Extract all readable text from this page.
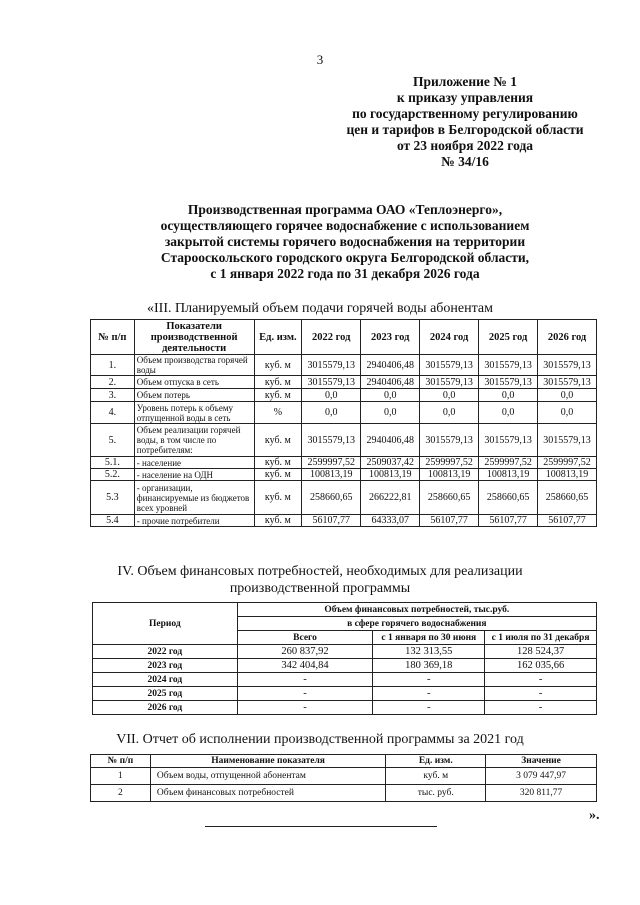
3
Приложение № 1
к приказу управления
по государственному регулированию
цен и тарифов в Белгородской области
от 23 ноября 2022 года
№ 34/16
Производственная программа ОАО «Теплоэнерго»,
осуществляющего горячее водоснабжение с использованием
закрытой системы горячего водоснабжения на территории
Старооскольского городского округа Белгородской области,
с 1 января 2022 года по 31 декабря 2026 года
«III. Планируемый объем подачи горячей воды абонентам
№ п/п	Показатели производственной деятельности	Ед. изм.	2022 год	2023 год	2024 год	2025 год	2026 год
1.	Объем производства горячей воды	куб. м	3015579,13	2940406,48	3015579,13	3015579,13	3015579,13
2.	Объем отпуска в сеть	куб. м	3015579,13	2940406,48	3015579,13	3015579,13	3015579,13
3.	Объем потерь	куб. м	0,0	0,0	0,0	0,0	0,0
4.	Уровень потерь к объему отпущенной воды в сеть	%	0,0	0,0	0,0	0,0	0,0
5.	Объем реализации горячей воды, в том числе по потребителям:	куб. м	3015579,13	2940406,48	3015579,13	3015579,13	3015579,13
5.1.	- население	куб. м	2599997,52	2509037,42	2599997,52	2599997,52	2599997,52
5.2.	- население на ОДН	куб. м	100813,19	100813,19	100813,19	100813,19	100813,19
5.3	- организации, финансируемые из бюджетов всех уровней	куб. м	258660,65	266222,81	258660,65	258660,65	258660,65
5.4	- прочие потребители	куб. м	56107,77	64333,07	56107,77	56107,77	56107,77
IV. Объем финансовых потребностей, необходимых для реализации
производственной программы
Период	Объем финансовых потребностей, тыс.руб.		
	в сфере горячего водоснабжения		
	Всего	с 1 января по 30 июня	с 1 июля по 31 декабря
2022 год	260 837,92	132 313,55	128 524,37
2023 год	342 404,84	180 369,18	162 035,66
2024 год	-	-	-
2025 год	-	-	-
2026 год	-	-	-
VII. Отчет об исполнении производственной программы за 2021 год
№ п/п	Наименование показателя	Ед. изм.	Значение
1	Объем воды, отпущенной абонентам	куб. м	3 079 447,97
2	Объем финансовых потребностей	тыс. руб.	320 811,77
».
